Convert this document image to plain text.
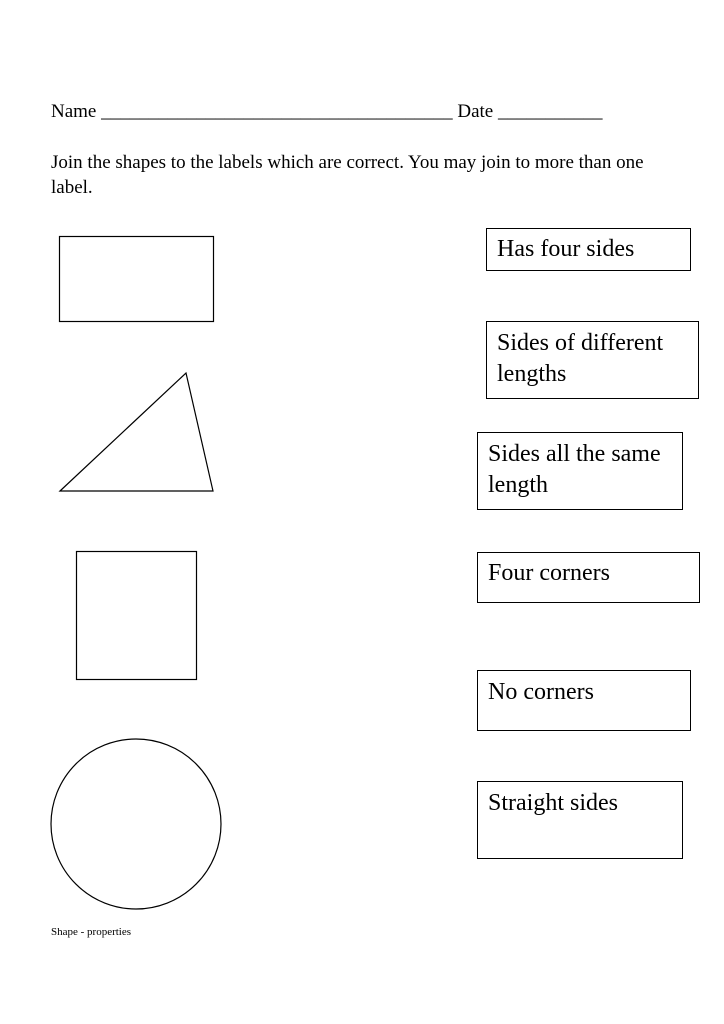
Name _____________________________________ Date ___________
Join the shapes to the labels which are correct. You may join to more than one label.
Has four sides
Sides of different lengths
Sides all the same length
Four corners
No corners
Straight sides
Shape - properties
